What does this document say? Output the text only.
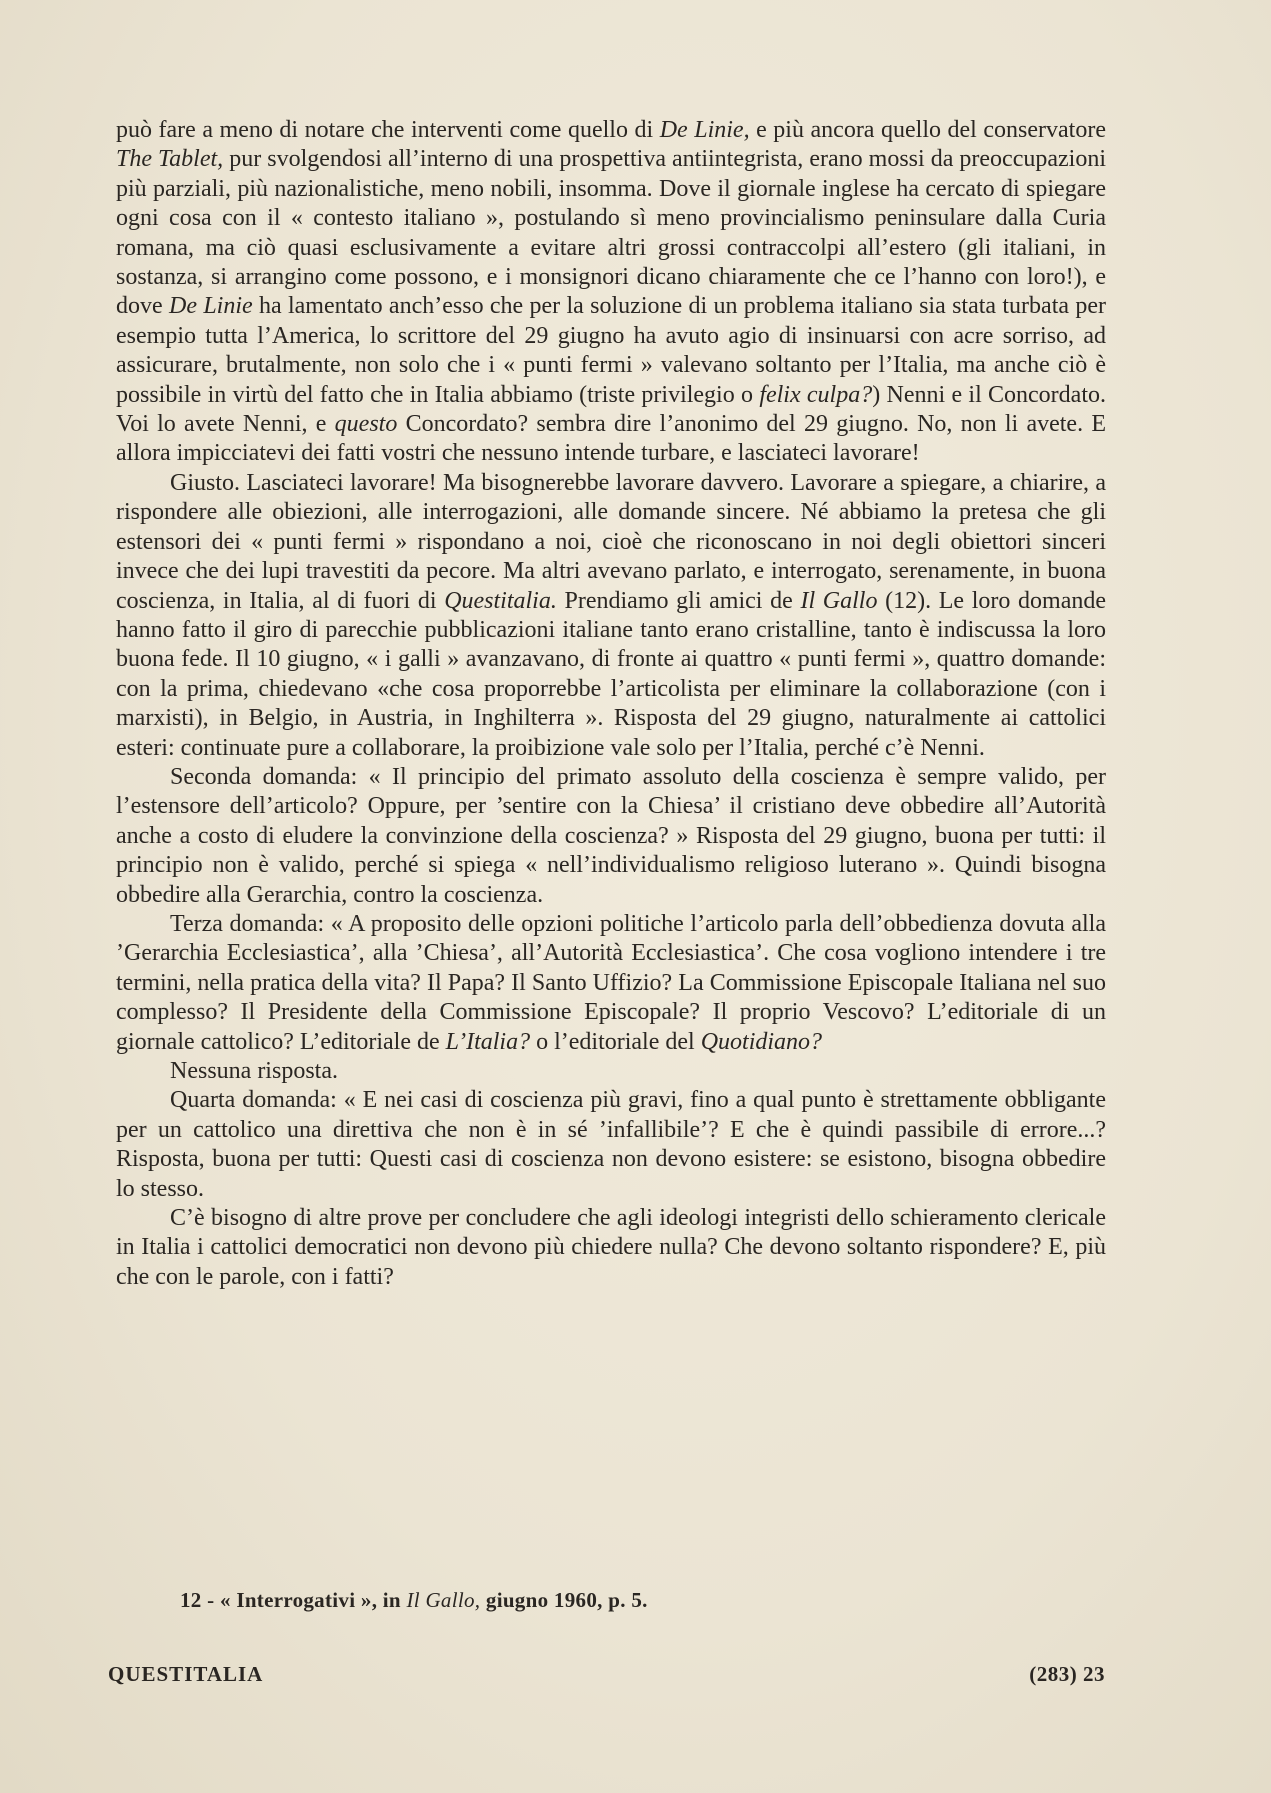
può fare a meno di notare che interventi come quello di De Linie, e più ancora quello del conservatore The Tablet, pur svolgendosi all’interno di una prospettiva antiintegrista, erano mossi da preoccupazioni più parziali, più nazionalistiche, meno nobili, insomma. Dove il giornale inglese ha cercato di spiegare ogni cosa con il « contesto italiano », postulando sì meno provincialismo peninsulare dalla Curia romana, ma ciò quasi esclusivamente a evitare altri grossi contraccolpi all’estero (gli italiani, in sostanza, si arrangino come possono, e i monsignori dicano chiaramente che ce l’hanno con loro!), e dove De Linie ha lamentato anch’esso che per la soluzione di un problema italiano sia stata turbata per esempio tutta l’America, lo scrittore del 29 giugno ha avuto agio di insinuarsi con acre sorriso, ad assicurare, brutalmente, non solo che i « punti fermi » valevano soltanto per l’Italia, ma anche ciò è possibile in virtù del fatto che in Italia abbiamo (triste privilegio o felix culpa?) Nenni e il Concordato. Voi lo avete Nenni, e questo Concordato? sembra dire l’anonimo del 29 giugno. No, non li avete. E allora impicciatevi dei fatti vostri che nessuno intende turbare, e lasciateci lavorare!

Giusto. Lasciateci lavorare! Ma bisognerebbe lavorare davvero. Lavorare a spiegare, a chiarire, a rispondere alle obiezioni, alle interrogazioni, alle domande sincere. Né abbiamo la pretesa che gli estensori dei « punti fermi » rispondano a noi, cioè che riconoscano in noi degli obiettori sinceri invece che dei lupi travestiti da pecore. Ma altri avevano parlato, e interrogato, serenamente, in buona coscienza, in Italia, al di fuori di Questitalia. Prendiamo gli amici de Il Gallo (12). Le loro domande hanno fatto il giro di parecchie pubblicazioni italiane tanto erano cristalline, tanto è indiscussa la loro buona fede. Il 10 giugno, « i galli » avanzavano, di fronte ai quattro « punti fermi », quattro domande: con la prima, chiedevano «che cosa proporrebbe l’articolista per eliminare la collaborazione (con i marxisti), in Belgio, in Austria, in Inghilterra ». Risposta del 29 giugno, naturalmente ai cattolici esteri: continuate pure a collaborare, la proibizione vale solo per l’Italia, perché c’è Nenni.

Seconda domanda: « Il principio del primato assoluto della coscienza è sempre valido, per l’estensore dell’articolo? Oppure, per ’sentire con la Chiesa’ il cristiano deve obbedire all’Autorità anche a costo di eludere la convinzione della coscienza? » Risposta del 29 giugno, buona per tutti: il principio non è valido, perché si spiega « nell’individualismo religioso luterano ». Quindi bisogna obbedire alla Gerarchia, contro la coscienza.

Terza domanda: « A proposito delle opzioni politiche l’articolo parla dell’obbedienza dovuta alla ’Gerarchia Ecclesiastica’, alla ’Chiesa’, all’Autorità Ecclesiastica’. Che cosa vogliono intendere i tre termini, nella pratica della vita? Il Papa? Il Santo Uffizio? La Commissione Episcopale Italiana nel suo complesso? Il Presidente della Commissione Episcopale? Il proprio Vescovo? L’editoriale di un giornale cattolico? L’editoriale de L’Italia? o l’editoriale del Quotidiano?

Nessuna risposta.

Quarta domanda: « E nei casi di coscienza più gravi, fino a qual punto è strettamente obbligante per un cattolico una direttiva che non è in sé ’infallibile’? E che è quindi passibile di errore...? Risposta, buona per tutti: Questi casi di coscienza non devono esistere: se esistono, bisogna obbedire lo stesso.

C’è bisogno di altre prove per concludere che agli ideologi integristi dello schieramento clericale in Italia i cattolici democratici non devono più chiedere nulla? Che devono soltanto rispondere? E, più che con le parole, con i fatti?

12 - « Interrogativi », in Il Gallo, giugno 1960, p. 5.
QUESTITALIA	(283) 23
